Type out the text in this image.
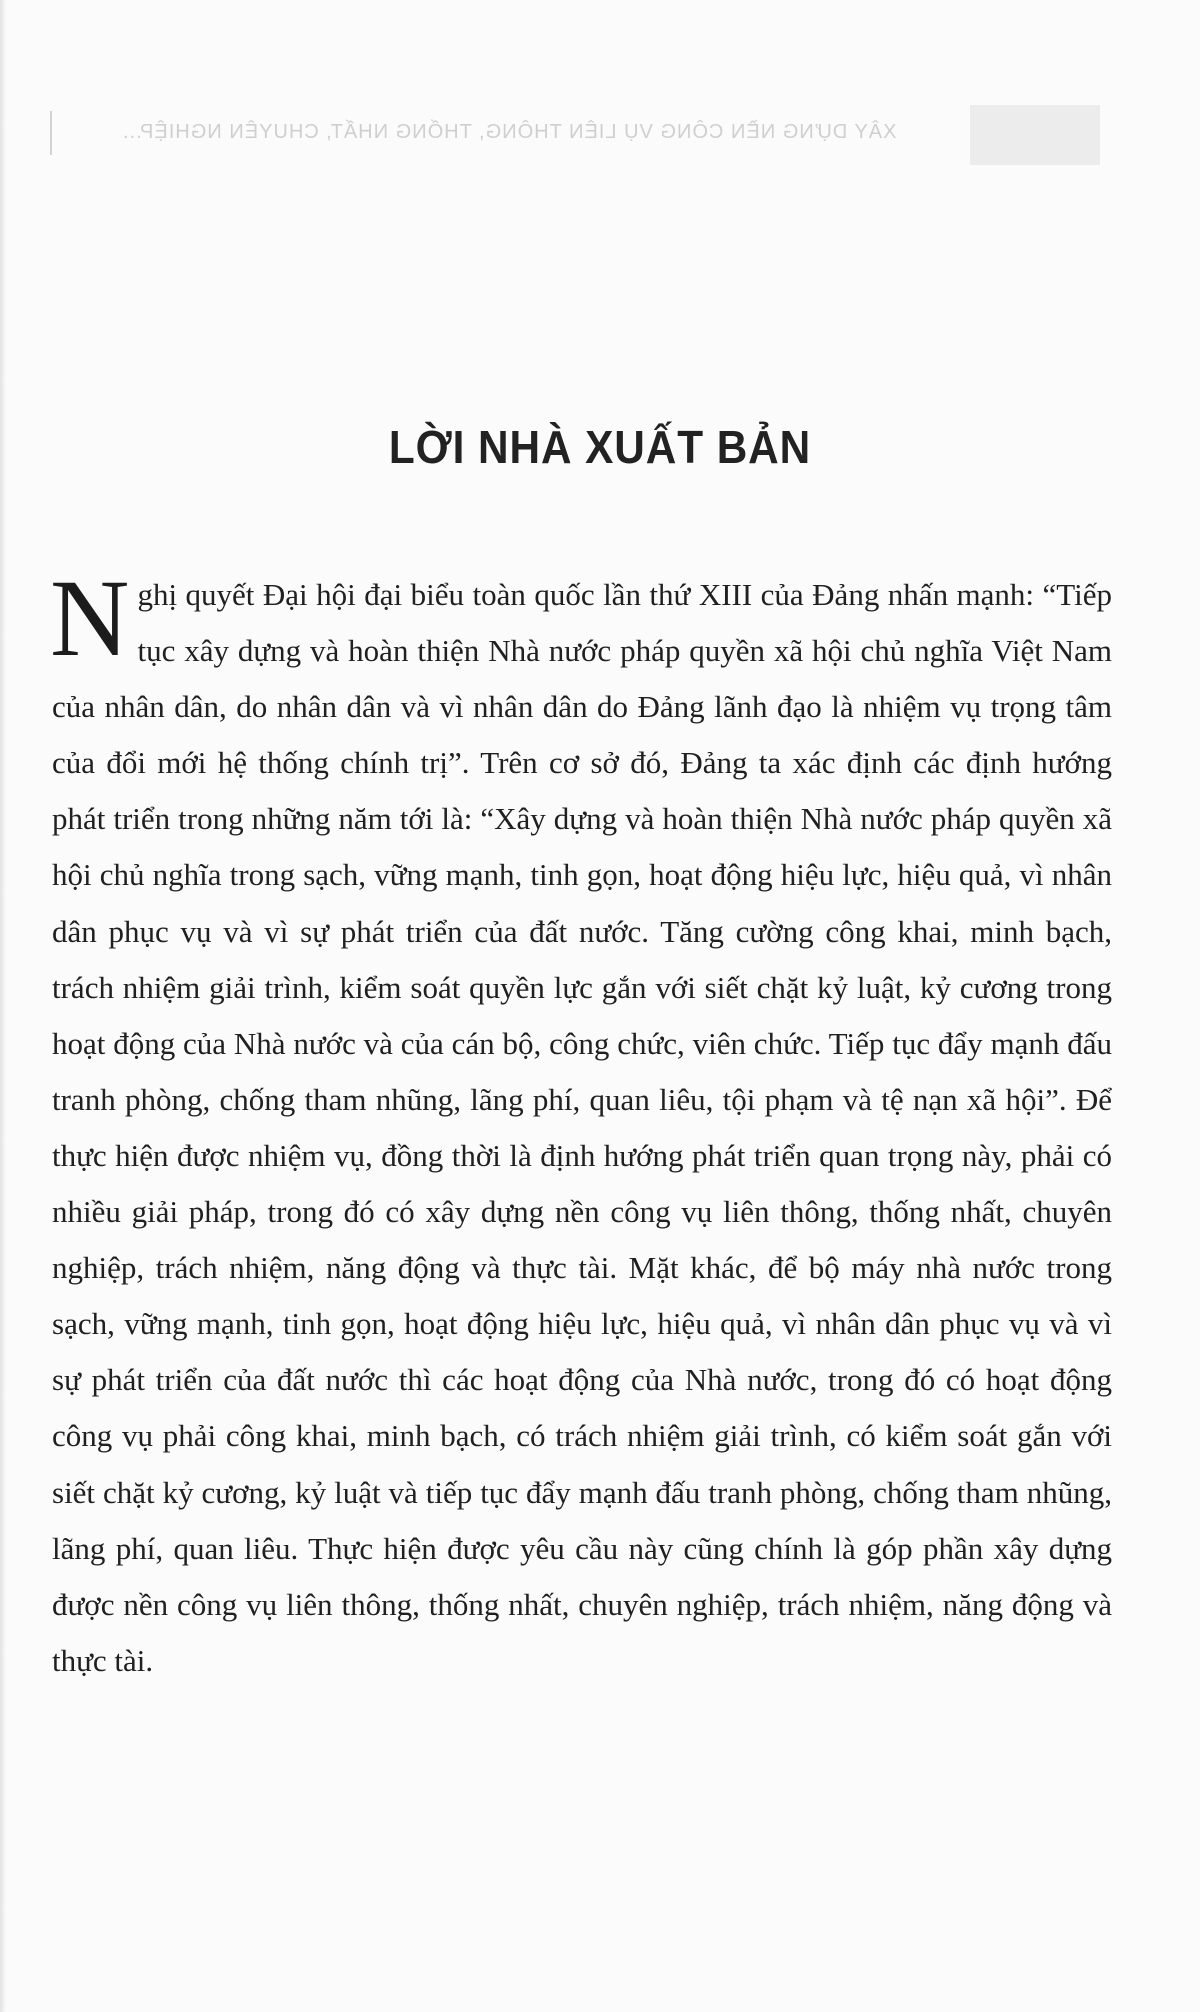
XÂY DỰNG NỀN CÔNG VỤ LIÊN THÔNG, THỐNG NHẤT, CHUYÊN NGHIỆP...
LỜI NHÀ XUẤT BẢN

Nghị quyết Đại hội đại biểu toàn quốc lần thứ XIII của Đảng nhấn mạnh: “Tiếp tục xây dựng và hoàn thiện Nhà nước pháp quyền xã hội chủ nghĩa Việt Nam của nhân dân, do nhân dân và vì nhân dân do Đảng lãnh đạo là nhiệm vụ trọng tâm của đổi mới hệ thống chính trị”. Trên cơ sở đó, Đảng ta xác định các định hướng phát triển trong những năm tới là: “Xây dựng và hoàn thiện Nhà nước pháp quyền xã hội chủ nghĩa trong sạch, vững mạnh, tinh gọn, hoạt động hiệu lực, hiệu quả, vì nhân dân phục vụ và vì sự phát triển của đất nước. Tăng cường công khai, minh bạch, trách nhiệm giải trình, kiểm soát quyền lực gắn với siết chặt kỷ luật, kỷ cương trong hoạt động của Nhà nước và của cán bộ, công chức, viên chức. Tiếp tục đẩy mạnh đấu tranh phòng, chống tham nhũng, lãng phí, quan liêu, tội phạm và tệ nạn xã hội”. Để thực hiện được nhiệm vụ, đồng thời là định hướng phát triển quan trọng này, phải có nhiều giải pháp, trong đó có xây dựng nền công vụ liên thông, thống nhất, chuyên nghiệp, trách nhiệm, năng động và thực tài. Mặt khác, để bộ máy nhà nước trong sạch, vững mạnh, tinh gọn, hoạt động hiệu lực, hiệu quả, vì nhân dân phục vụ và vì sự phát triển của đất nước thì các hoạt động của Nhà nước, trong đó có hoạt động công vụ phải công khai, minh bạch, có trách nhiệm giải trình, có kiểm soát gắn với siết chặt kỷ cương, kỷ luật và tiếp tục đẩy mạnh đấu tranh phòng, chống tham nhũng, lãng phí, quan liêu. Thực hiện được yêu cầu này cũng chính là góp phần xây dựng được nền công vụ liên thông, thống nhất, chuyên nghiệp, trách nhiệm, năng động và thực tài.
